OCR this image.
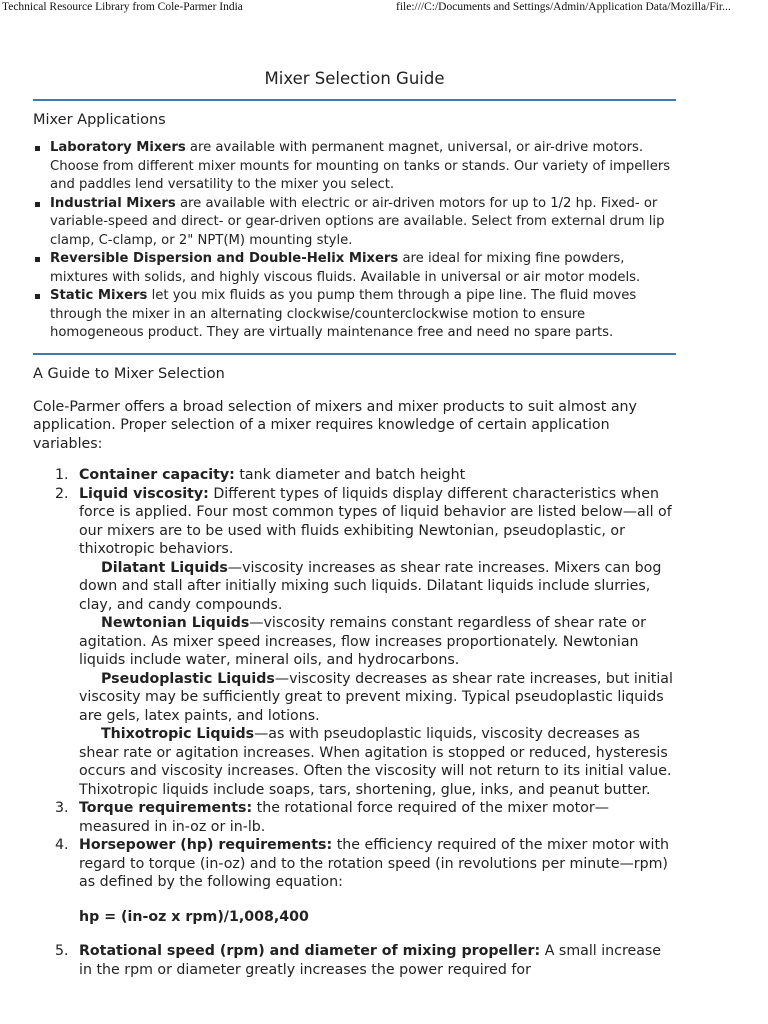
Technical Resource Library from Cole-Parmer India	file:///C:/Documents and Settings/Admin/Application Data/Mozilla/Fir...
Mixer Selection Guide
Mixer Applications
Laboratory Mixers are available with permanent magnet, universal, or air-drive motors. Choose from different mixer mounts for mounting on tanks or stands. Our variety of impellers and paddles lend versatility to the mixer you select.
Industrial Mixers are available with electric or air-driven motors for up to 1/2 hp. Fixed- or variable-speed and direct- or gear-driven options are available. Select from external drum lip clamp, C-clamp, or 2" NPT(M) mounting style.
Reversible Dispersion and Double-Helix Mixers are ideal for mixing fine powders, mixtures with solids, and highly viscous fluids. Available in universal or air motor models.
Static Mixers let you mix fluids as you pump them through a pipe line. The fluid moves through the mixer in an alternating clockwise/counterclockwise motion to ensure homogeneous product. They are virtually maintenance free and need no spare parts.
A Guide to Mixer Selection

Cole-Parmer offers a broad selection of mixers and mixer products to suit almost any application. Proper selection of a mixer requires knowledge of certain application variables:

1. Container capacity: tank diameter and batch height
2. Liquid viscosity: Different types of liquids display different characteristics when force is applied. Four most common types of liquid behavior are listed below—all of our mixers are to be used with fluids exhibiting Newtonian, pseudoplastic, or thixotropic behaviors.
Dilatant Liquids—viscosity increases as shear rate increases. Mixers can bog down and stall after initially mixing such liquids. Dilatant liquids include slurries, clay, and candy compounds.
Newtonian Liquids—viscosity remains constant regardless of shear rate or agitation. As mixer speed increases, flow increases proportionately. Newtonian liquids include water, mineral oils, and hydrocarbons.
Pseudoplastic Liquids—viscosity decreases as shear rate increases, but initial viscosity may be sufficiently great to prevent mixing. Typical pseudoplastic liquids are gels, latex paints, and lotions.
Thixotropic Liquids—as with pseudoplastic liquids, viscosity decreases as shear rate or agitation increases. When agitation is stopped or reduced, hysteresis occurs and viscosity increases. Often the viscosity will not return to its initial value. Thixotropic liquids include soaps, tars, shortening, glue, inks, and peanut butter.
3. Torque requirements: the rotational force required of the mixer motor—measured in in-oz or in-lb.
4. Horsepower (hp) requirements: the efficiency required of the mixer motor with regard to torque (in-oz) and to the rotation speed (in revolutions per minute—rpm) as defined by the following equation:
hp = (in-oz x rpm)/1,008,400
5. Rotational speed (rpm) and diameter of mixing propeller: A small increase in the rpm or diameter greatly increases the power required for
